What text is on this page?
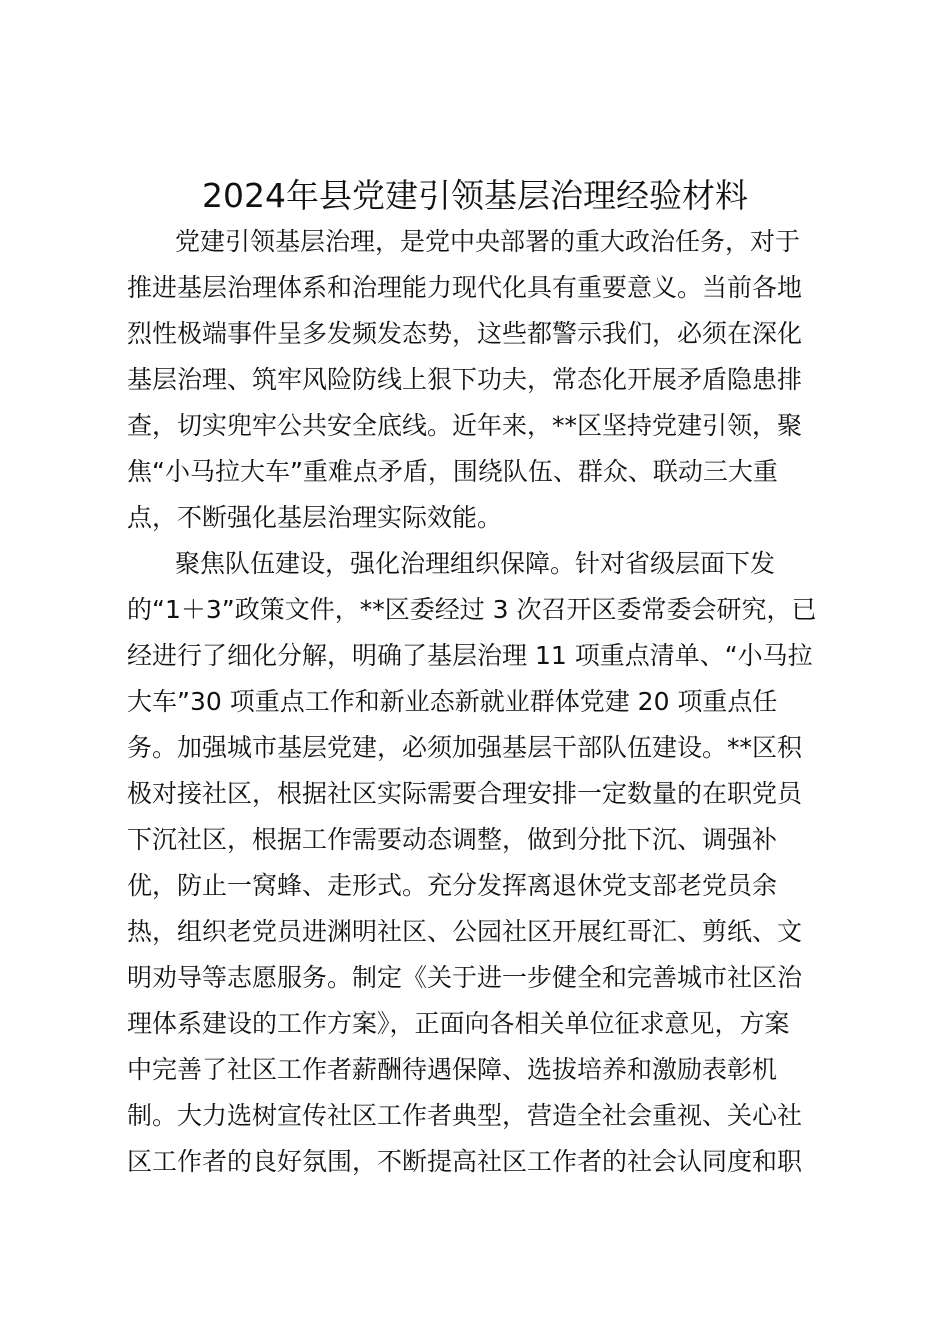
2024年县党建引领基层治理经验材料

党建引领基层治理，是党中央部署的重大政治任务，对于

推进基层治理体系和治理能力现代化具有重要意义。当前各地

烈性极端事件呈多发频发态势，这些都警示我们，必须在深化

基层治理、筑牢风险防线上狠下功夫，常态化开展矛盾隐患排

查，切实兜牢公共安全底线。近年来，**区坚持党建引领，聚

焦“小马拉大车”重难点矛盾，围绕队伍、群众、联动三大重

点，不断强化基层治理实际效能。

聚焦队伍建设，强化治理组织保障。针对省级层面下发

的“1＋3”政策文件，**区委经过 3 次召开区委常委会研究，已

经进行了细化分解，明确了基层治理 11 项重点清单、“小马拉

大车”30 项重点工作和新业态新就业群体党建 20 项重点任

务。加强城市基层党建，必须加强基层干部队伍建设。**区积

极对接社区，根据社区实际需要合理安排一定数量的在职党员

下沉社区，根据工作需要动态调整，做到分批下沉、调强补

优，防止一窝蜂、走形式。充分发挥离退休党支部老党员余

热，组织老党员进渊明社区、公园社区开展红哥汇、剪纸、文

明劝导等志愿服务。制定《关于进一步健全和完善城市社区治

理体系建设的工作方案》，正面向各相关单位征求意见，方案

中完善了社区工作者薪酬待遇保障、选拔培养和激励表彰机

制。大力选树宣传社区工作者典型，营造全社会重视、关心社

区工作者的良好氛围，不断提高社区工作者的社会认同度和职
